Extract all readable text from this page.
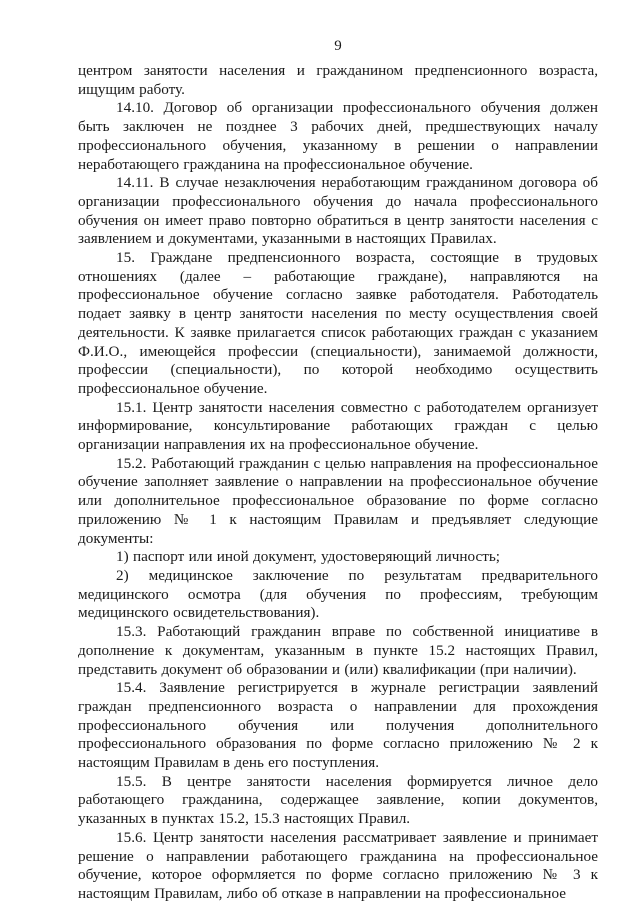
9

центром занятости населения и гражданином предпенсионного возраста, ищущим работу.

14.10. Договор об организации профессионального обучения должен быть заключен не позднее 3 рабочих дней, предшествующих началу профессионального обучения, указанному в решении о направлении неработающего гражданина на профессиональное обучение.

14.11. В случае незаключения неработающим гражданином договора об организации профессионального обучения до начала профессионального обучения он имеет право повторно обратиться в центр занятости населения с заявлением и документами, указанными в настоящих Правилах.

15. Граждане предпенсионного возраста, состоящие в трудовых отношениях (далее – работающие граждане), направляются на профессиональное обучение согласно заявке работодателя. Работодатель подает заявку в центр занятости населения по месту осуществления своей деятельности. К заявке прилагается список работающих граждан с указанием Ф.И.О., имеющейся профессии (специальности), занимаемой должности, профессии (специальности), по которой необходимо осуществить профессиональное обучение.

15.1. Центр занятости населения совместно с работодателем организует информирование, консультирование работающих граждан с целью организации направления их на профессиональное обучение.

15.2. Работающий гражданин с целью направления на профессиональное обучение заполняет заявление о направлении на профессиональное обучение или дополнительное профессиональное образование по форме согласно приложению № 1 к настоящим Правилам и предъявляет следующие документы:

1) паспорт или иной документ, удостоверяющий личность;

2) медицинское заключение по результатам предварительного медицинского осмотра (для обучения по профессиям, требующим медицинского освидетельствования).

15.3. Работающий гражданин вправе по собственной инициативе в дополнение к документам, указанным в пункте 15.2 настоящих Правил, представить документ об образовании и (или) квалификации (при наличии).

15.4. Заявление регистрируется в журнале регистрации заявлений граждан предпенсионного возраста о направлении для прохождения профессионального обучения или получения дополнительного профессионального образования по форме согласно приложению № 2 к настоящим Правилам в день его поступления.

15.5. В центре занятости населения формируется личное дело работающего гражданина, содержащее заявление, копии документов, указанных в пунктах 15.2, 15.3 настоящих Правил.

15.6. Центр занятости населения рассматривает заявление и принимает решение о направлении работающего гражданина на профессиональное обучение, которое оформляется по форме согласно приложению № 3 к настоящим Правилам, либо об отказе в направлении на профессиональное
